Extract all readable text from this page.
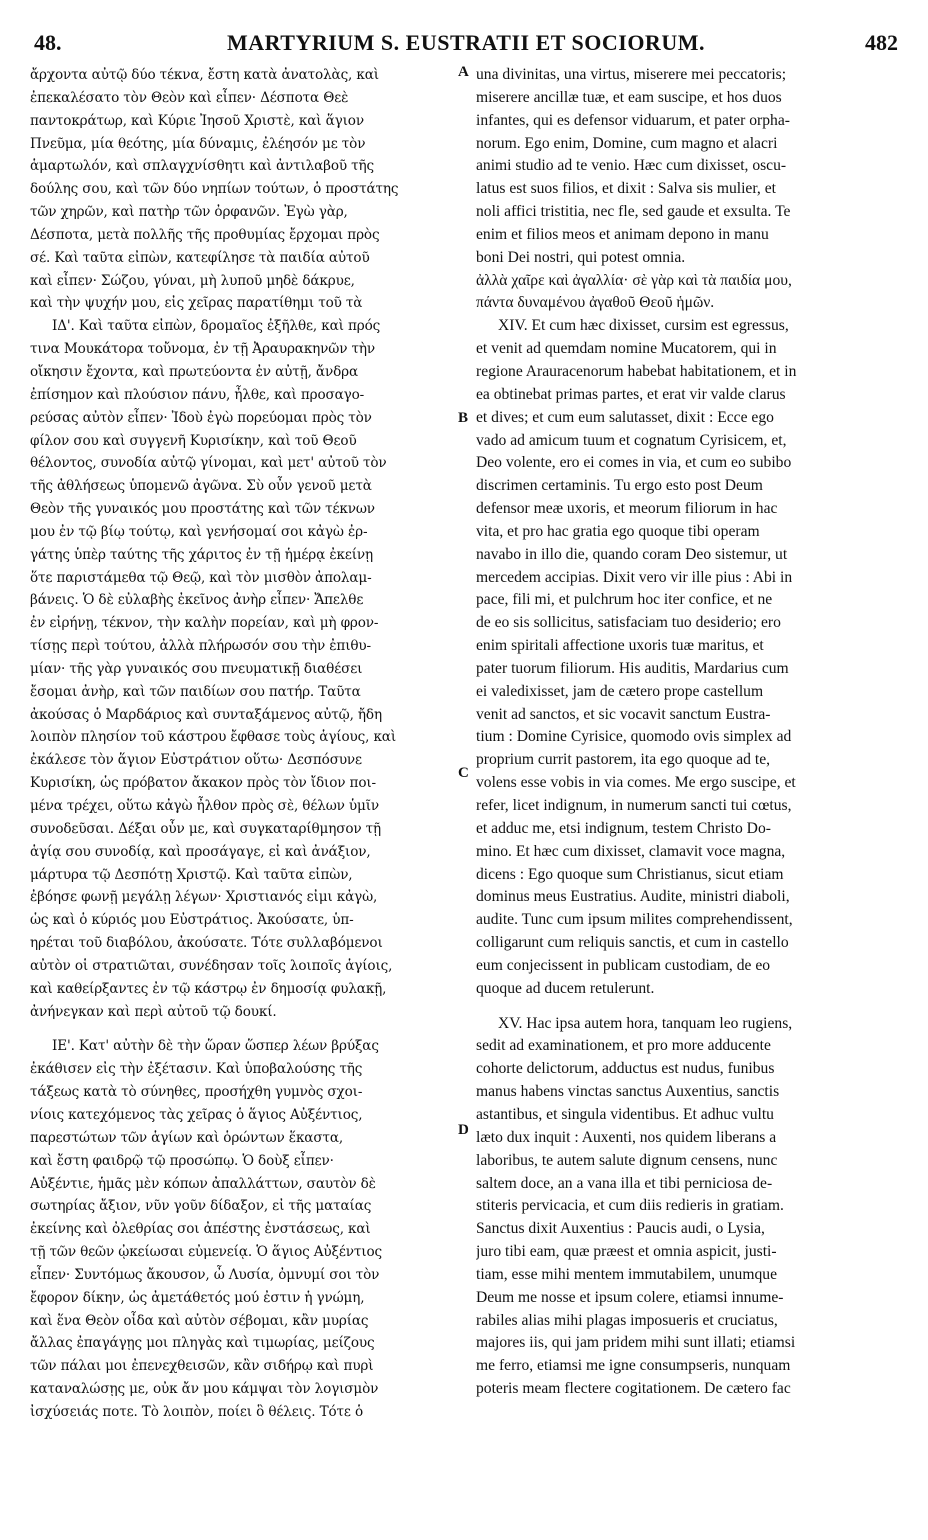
48.	MARTYRIUM S. EUSTRATII ET SOCIORUM.	482
A
B
C
D
ἄρχοντα αὐτῷ δύο τέκνα, ἔστη κατὰ ἀνατολὰς, καὶ
ἐπεκαλέσατο τὸν Θεὸν καὶ εἶπεν· Δέσποτα Θεὲ
παντοκράτωρ, καὶ Κύριε Ἰησοῦ Χριστὲ, καὶ ἅγιον
Πνεῦμα, μία θεότης, μία δύναμις, ἐλέησόν με τὸν
ἁμαρτωλόν, καὶ σπλαγχνίσθητι καὶ ἀντιλαβοῦ τῆς
δούλης σου, καὶ τῶν δύο νηπίων τούτων, ὁ προστάτης
τῶν χηρῶν, καὶ πατὴρ τῶν ὀρφανῶν. Ἐγὼ γὰρ,
Δέσποτα, μετὰ πολλῆς τῆς προθυμίας ἔρχομαι πρὸς
σέ. Καὶ ταῦτα εἰπὼν, κατεφίλησε τὰ παιδία αὐτοῦ
καὶ εἶπεν· Σώζου, γύναι, μὴ λυποῦ μηδὲ δάκρυε,
καὶ τὴν ψυχήν μου, εἰς χεῖρας παρατίθημι τοῦ τὰ
ΙΔ'. Καὶ ταῦτα εἰπὼν, δρομαῖος ἐξῆλθε, καὶ πρός
τινα Μουκάτορα τοὔνομα, ἐν τῇ Ἀραυρακηνῶν τὴν
οἴκησιν ἔχοντα, καὶ πρωτεύοντα ἐν αὐτῇ, ἄνδρα
ἐπίσημον καὶ πλούσιον πάνυ, ἦλθε, καὶ προσαγο-
ρεύσας αὐτὸν εἶπεν· Ἰδοὺ ἐγὼ πορεύομαι πρὸς τὸν
φίλον σου καὶ συγγενῆ Κυρισίκην, καὶ τοῦ Θεοῦ
θέλοντος, συνοδία αὐτῷ γίνομαι, καὶ μετ' αὐτοῦ τὸν
τῆς ἀθλήσεως ὑπομενῶ ἀγῶνα. Σὺ οὖν γενοῦ μετὰ
Θεὸν τῆς γυναικός μου προστάτης καὶ τῶν τέκνων
μου ἐν τῷ βίῳ τούτῳ, καὶ γενήσομαί σοι κἀγὼ ἐρ-
γάτης ὑπὲρ ταύτης τῆς χάριτος ἐν τῇ ἡμέρᾳ ἐκείνῃ
ὅτε παριστάμεθα τῷ Θεῷ, καὶ τὸν μισθὸν ἀπολαμ-
βάνεις. Ὁ δὲ εὐλαβὴς ἐκεῖνος ἀνὴρ εἶπεν· Ἄπελθε
ἐν εἰρήνῃ, τέκνον, τὴν καλὴν πορείαν, καὶ μὴ φρον-
τίσῃς περὶ τούτου, ἀλλὰ πλήρωσόν σου τὴν ἐπιθυ-
μίαν· τῆς γὰρ γυναικός σου πνευματικῇ διαθέσει
ἔσομαι ἀνὴρ, καὶ τῶν παιδίων σου πατήρ. Ταῦτα
ἀκούσας ὁ Μαρδάριος καὶ συνταξάμενος αὐτῷ, ἤδη
λοιπὸν πλησίον τοῦ κάστρου ἔφθασε τοὺς ἁγίους, καὶ
ἐκάλεσε τὸν ἅγιον Εὐστράτιον οὕτω· Δεσπόσυνε
Κυρισίκη, ὡς πρόβατον ἄκακον πρὸς τὸν ἴδιον ποι-
μένα τρέχει, οὕτω κἀγὼ ἦλθον πρὸς σὲ, θέλων ὑμῖν
συνοδεῦσαι. Δέξαι οὖν με, καὶ συγκαταρίθμησον τῇ
ἁγίᾳ σου συνοδίᾳ, καὶ προσάγαγε, εἰ καὶ ἀνάξιον,
μάρτυρα τῷ Δεσπότῃ Χριστῷ. Καὶ ταῦτα εἰπὼν,
ἐβόησε φωνῇ μεγάλῃ λέγων· Χριστιανός εἰμι κἀγὼ,
ὡς καὶ ὁ κύριός μου Εὐστράτιος. Ἀκούσατε, ὑπ-
ηρέται τοῦ διαβόλου, ἀκούσατε. Τότε συλλαβόμενοι
αὐτὸν οἱ στρατιῶται, συνέδησαν τοῖς λοιποῖς ἁγίοις,
καὶ καθείρξαντες ἐν τῷ κάστρῳ ἐν δημοσίᾳ φυλακῇ,
ἀνήνεγκαν καὶ περὶ αὐτοῦ τῷ δουκί.
ΙΕ'. Κατ' αὐτὴν δὲ τὴν ὥραν ὥσπερ λέων βρύξας
ἐκάθισεν εἰς τὴν ἐξέτασιν. Καὶ ὑποβαλούσης τῆς
τάξεως κατὰ τὸ σύνηθες, προσήχθη γυμνὸς σχοι-
νίοις κατεχόμενος τὰς χεῖρας ὁ ἅγιος Αὐξέντιος,
παρεστώτων τῶν ἁγίων καὶ ὁρώντων ἕκαστα,
καὶ ἔστη φαιδρῷ τῷ προσώπῳ. Ὁ δοὺξ εἶπεν·
Αὐξέντιε, ἡμᾶς μὲν κόπων ἀπαλλάττων, σαυτὸν δὲ
σωτηρίας ἄξιον, νῦν γοῦν δίδαξον, εἰ τῆς ματαίας
ἐκείνης καὶ ὀλεθρίας σοι ἀπέστης ἐνστάσεως, καὶ
τῇ τῶν θεῶν ᾠκείωσαι εὐμενείᾳ. Ὁ ἅγιος Αὐξέντιος
εἶπεν· Συντόμως ἄκουσον, ὦ Λυσία, ὀμνυμί σοι τὸν
ἔφορον δίκην, ὡς ἀμετάθετός μού ἐστιν ἡ γνώμη,
καὶ ἕνα Θεὸν οἶδα καὶ αὐτὸν σέβομαι, κἂν μυρίας
ἄλλας ἐπαγάγῃς μοι πληγὰς καὶ τιμωρίας, μείζους
τῶν πάλαι μοι ἐπενεχθεισῶν, κἂν σιδήρῳ καὶ πυρὶ
καταναλώσῃς με, οὐκ ἄν μου κάμψαι τὸν λογισμὸν
ἰσχύσειάς ποτε. Τὸ λοιπὸν, ποίει ὃ θέλεις. Τότε ὁ
una divinitas, una virtus, miserere mei peccatoris;
miserere ancillæ tuæ, et eam suscipe, et hos duos
infantes, qui es defensor viduarum, et pater orpha-
norum. Ego enim, Domine, cum magno et alacri
animi studio ad te venio. Hæc cum dixisset, oscu-
latus est suos filios, et dixit : Salva sis mulier, et
noli affici tristitia, nec fle, sed gaude et exsulta. Te
enim et filios meos et animam depono in manu
boni Dei nostri, qui potest omnia.
ἀλλὰ χαῖρε καὶ ἀγαλλία· σὲ γὰρ καὶ τὰ παιδία μου,
πάντα δυναμένου ἀγαθοῦ Θεοῦ ἡμῶν.
XIV. Et cum hæc dixisset, cursim est egressus,
et venit ad quemdam nomine Mucatorem, qui in
regione Arauracenorum habebat habitationem, et in
ea obtinebat primas partes, et erat vir valde clarus
et dives; et cum eum salutasset, dixit : Ecce ego
vado ad amicum tuum et cognatum Cyrisicem, et,
Deo volente, ero ei comes in via, et cum eo subibo
discrimen certaminis. Tu ergo esto post Deum
defensor meæ uxoris, et meorum filiorum in hac
vita, et pro hac gratia ego quoque tibi operam
navabo in illo die, quando coram Deo sistemur, ut
mercedem accipias. Dixit vero vir ille pius : Abi in
pace, fili mi, et pulchrum hoc iter confice, et ne
de eo sis sollicitus, satisfaciam tuo desiderio; ero
enim spiritali affectione uxoris tuæ maritus, et
pater tuorum filiorum. His auditis, Mardarius cum
ei valedixisset, jam de cætero prope castellum
venit ad sanctos, et sic vocavit sanctum Eustra-
tium : Domine Cyrisice, quomodo ovis simplex ad
proprium currit pastorem, ita ego quoque ad te,
volens esse vobis in via comes. Me ergo suscipe, et
refer, licet indignum, in numerum sancti tui cœtus,
et adduc me, etsi indignum, testem Christo Do-
mino. Et hæc cum dixisset, clamavit voce magna,
dicens : Ego quoque sum Christianus, sicut etiam
dominus meus Eustratius. Audite, ministri diaboli,
audite. Tunc cum ipsum milites comprehendissent,
colligarunt cum reliquis sanctis, et cum in castello
eum conjecissent in publicam custodiam, de eo
quoque ad ducem retulerunt.
XV. Hac ipsa autem hora, tanquam leo rugiens,
sedit ad examinationem, et pro more adducente
cohorte delictorum, adductus est nudus, funibus
manus habens vinctas sanctus Auxentius, sanctis
astantibus, et singula videntibus. Et adhuc vultu
læto dux inquit : Auxenti, nos quidem liberans a
laboribus, te autem salute dignum censens, nunc
saltem doce, an a vana illa et tibi perniciosa de-
stiteris pervicacia, et cum diis redieris in gratiam.
Sanctus dixit Auxentius : Paucis audi, o Lysia,
juro tibi eam, quæ præest et omnia aspicit, justi-
tiam, esse mihi mentem immutabilem, unumque
Deum me nosse et ipsum colere, etiamsi innume-
rabiles alias mihi plagas imposueris et cruciatus,
majores iis, qui jam pridem mihi sunt illati; etiamsi
me ferro, etiamsi me igne consumpseris, nunquam
poteris meam flectere cogitationem. De cætero fac
